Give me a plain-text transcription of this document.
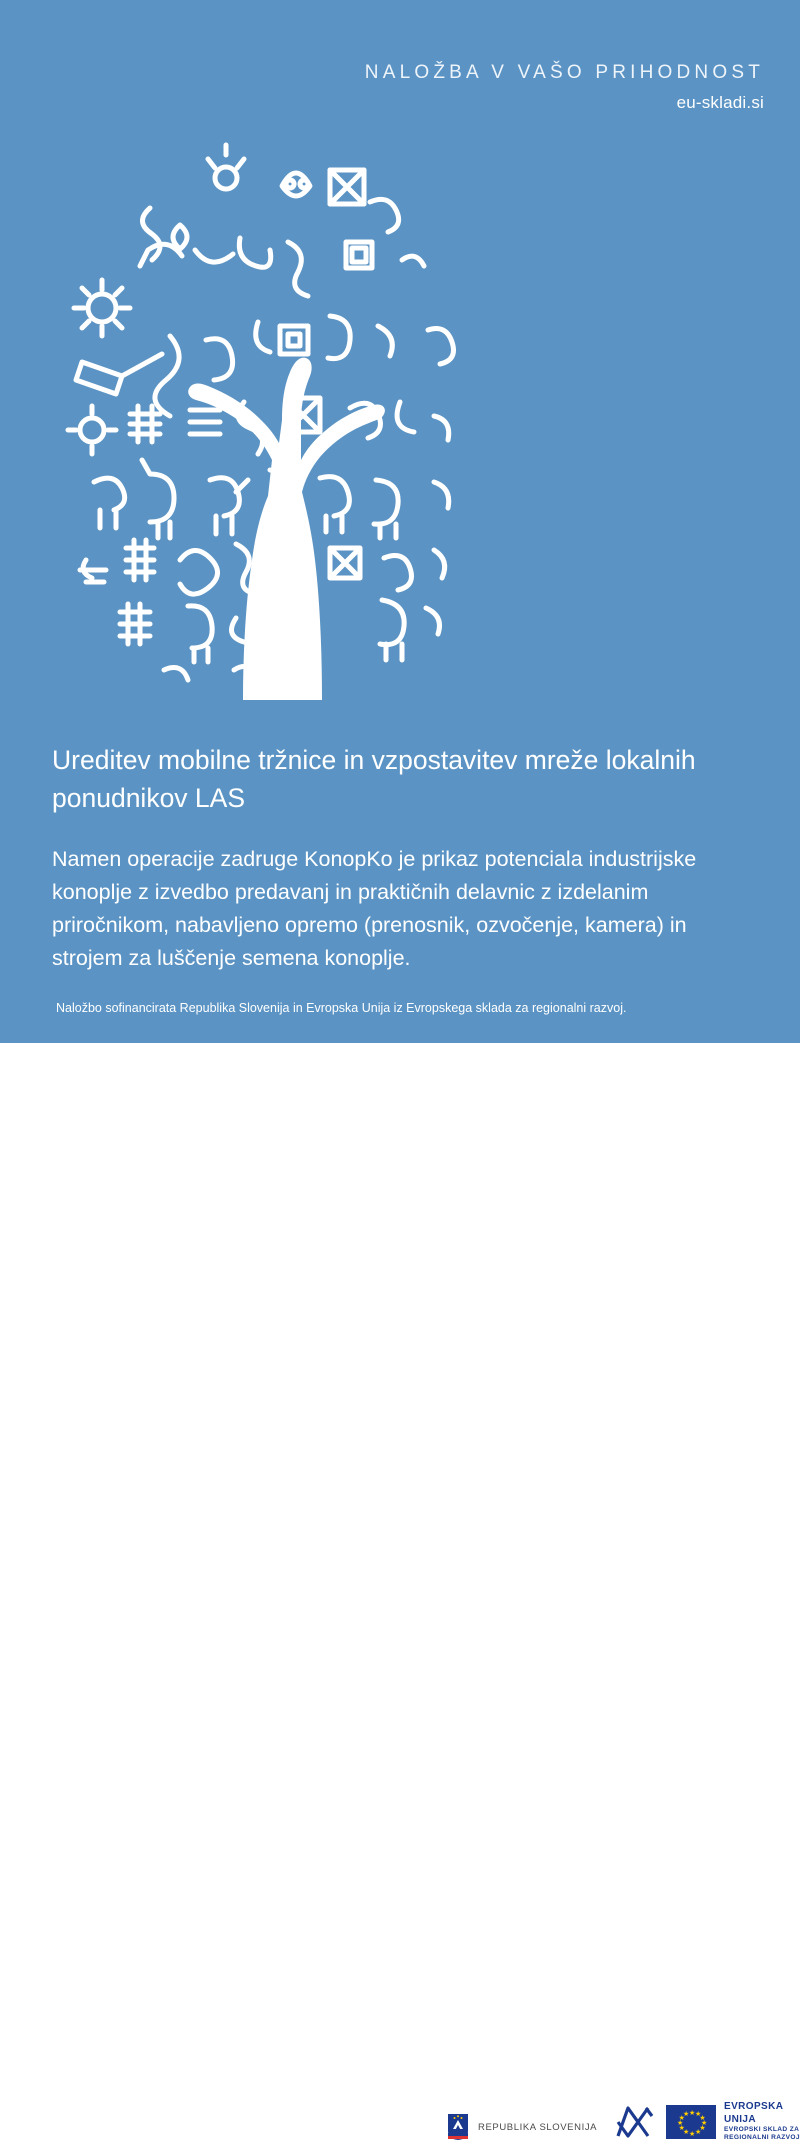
NALOŽBA V VAŠO PRIHODNOST
eu-skladi.si
Ureditev mobilne tržnice in vzpostavitev mreže lokalnih ponudnikov LAS
Namen operacije zadruge KonopKo je prikaz potenciala industrijske konoplje z izvedbo predavanj in praktičnih delavnic z izdelanim priročnikom, nabavljeno opremo (prenosnik, ozvočenje, kamera) in strojem za luščenje semena konoplje.
Naložbo sofinancirata Republika Slovenija in Evropska Unija iz Evropskega sklada za regionalni razvoj.
REPUBLIKA SLOVENIJA
★
★ ★
★ ★
★	★
★ ★
★ ★
★
EVROPSKA UNIJA
EVROPSKI SKLAD ZA
REGIONALNI RAZVOJ
